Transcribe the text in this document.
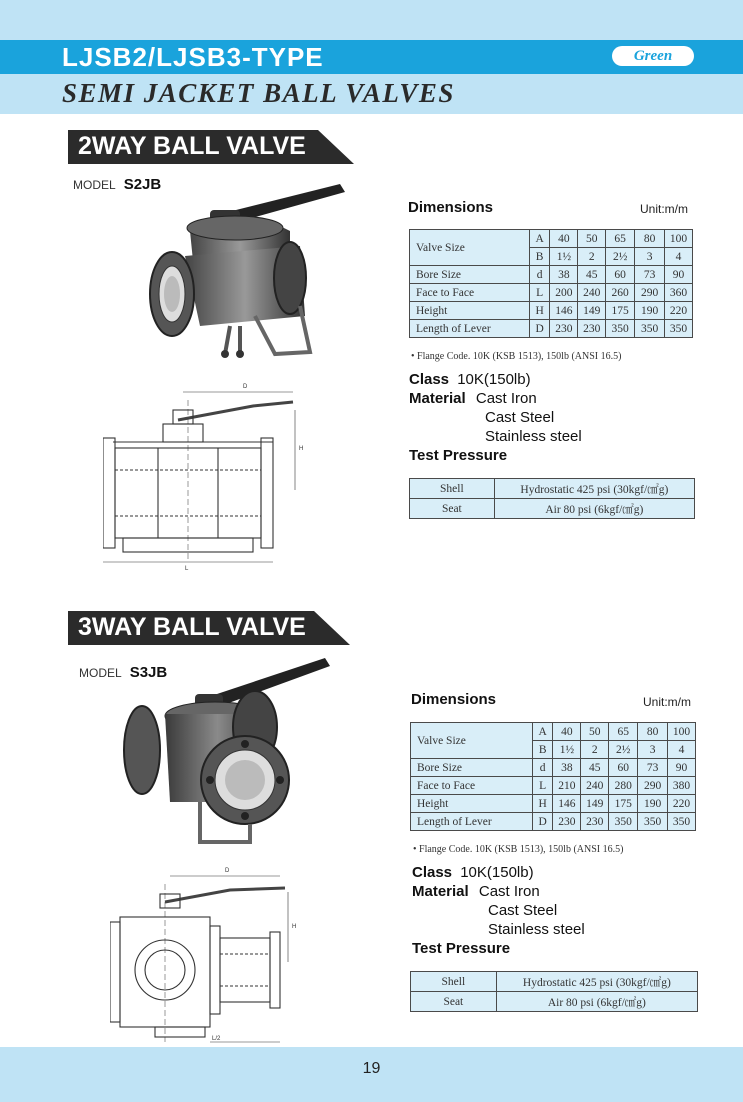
LJSB2/LJSB3-TYPE	Green
SEMI JACKET BALL VALVES
2WAY BALL VALVE
MODEL S2JB
D
L
H
Dimensions	Unit:m/m
Valve Size	A	40	50	65	80	100
	B	1½	2	2½	3	4
Bore Size	d	38	45	60	73	90
Face to Face	L	200	240	260	290	360
Height	H	146	149	175	190	220
Length of Lever	D	230	230	350	350	350
• Flange Code. 10K (KSB 1513), 150lb (ANSI 16.5)
Class 10K(150lb)
Material Cast Iron
Cast Steel
Stainless steel
Test Pressure
Shell	Hydrostatic 425 psi (30kgf/㎠g)
Seat	Air 80 psi (6kgf/㎠g)
3WAY BALL VALVE
MODEL S3JB
D
L/2
H
Dimensions	Unit:m/m
Valve Size	A	40	50	65	80	100
	B	1½	2	2½	3	4
Bore Size	d	38	45	60	73	90
Face to Face	L	210	240	280	290	380
Height	H	146	149	175	190	220
Length of Lever	D	230	230	350	350	350
• Flange Code. 10K (KSB 1513), 150lb (ANSI 16.5)
Class 10K(150lb)
Material Cast Iron
Cast Steel
Stainless steel
Test Pressure
Shell	Hydrostatic 425 psi (30kgf/㎠g)
Seat	Air 80 psi (6kgf/㎠g)
19
